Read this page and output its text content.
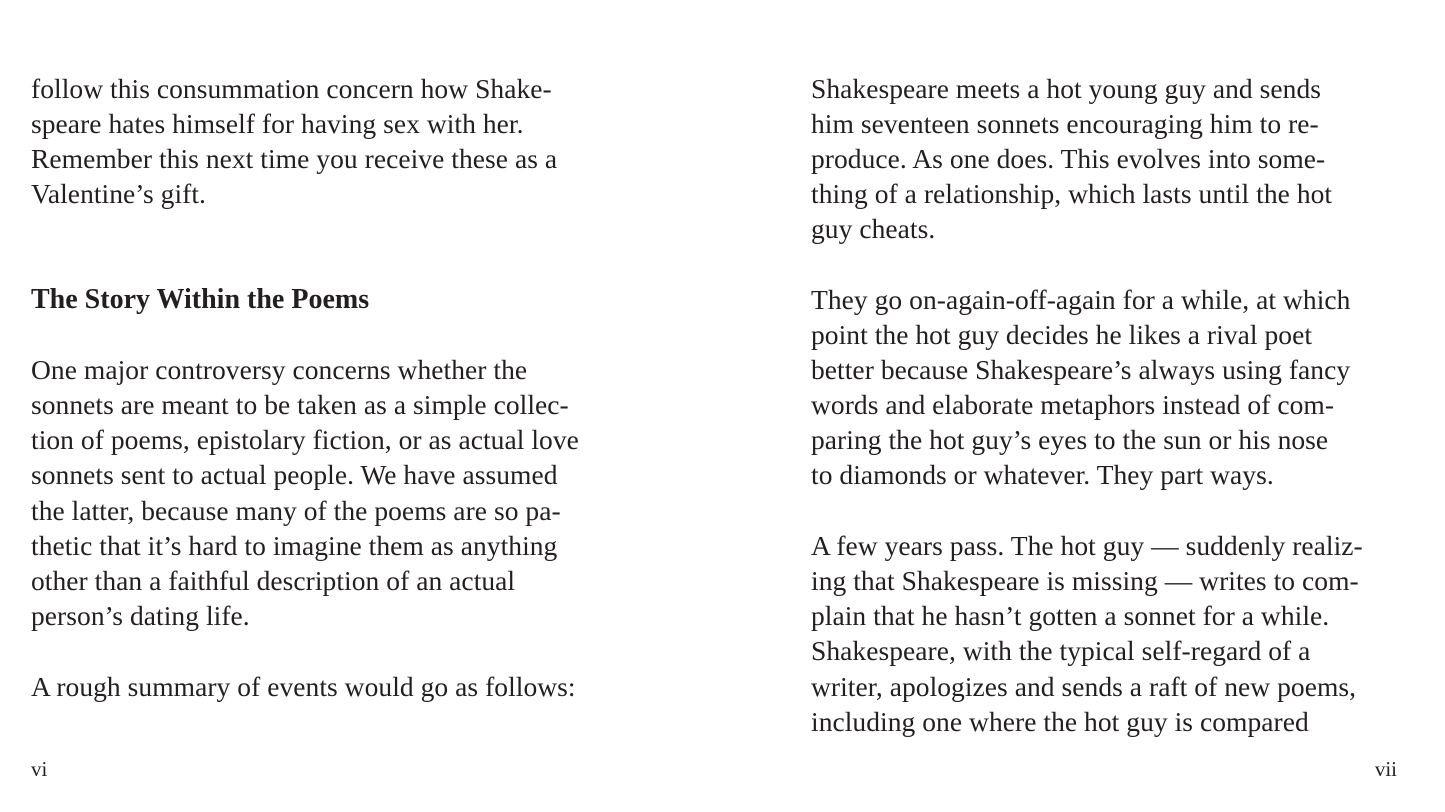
follow this consummation concern how Shake-
speare hates himself for having sex with her.
Remember this next time you receive these as a
Valentine’s gift.
The Story Within the Poems
One major controversy concerns whether the
sonnets are meant to be taken as a simple collec-
tion of poems, epistolary fiction, or as actual love
sonnets sent to actual people. We have assumed
the latter, because many of the poems are so pa-
thetic that it’s hard to imagine them as anything
other than a faithful description of an actual
person’s dating life.
A rough summary of events would go as follows:
vi
Shakespeare meets a hot young guy and sends
him seventeen sonnets encouraging him to re-
produce. As one does. This evolves into some-
thing of a relationship, which lasts until the hot
guy cheats.
They go on-again-off-again for a while, at which
point the hot guy decides he likes a rival poet
better because Shakespeare’s always using fancy
words and elaborate metaphors instead of com-
paring the hot guy’s eyes to the sun or his nose
to diamonds or whatever. They part ways.
A few years pass. The hot guy — suddenly realiz-
ing that Shakespeare is missing — writes to com-
plain that he hasn’t gotten a sonnet for a while.
Shakespeare, with the typical self-regard of a
writer, apologizes and sends a raft of new poems,
including one where the hot guy is compared
vii
